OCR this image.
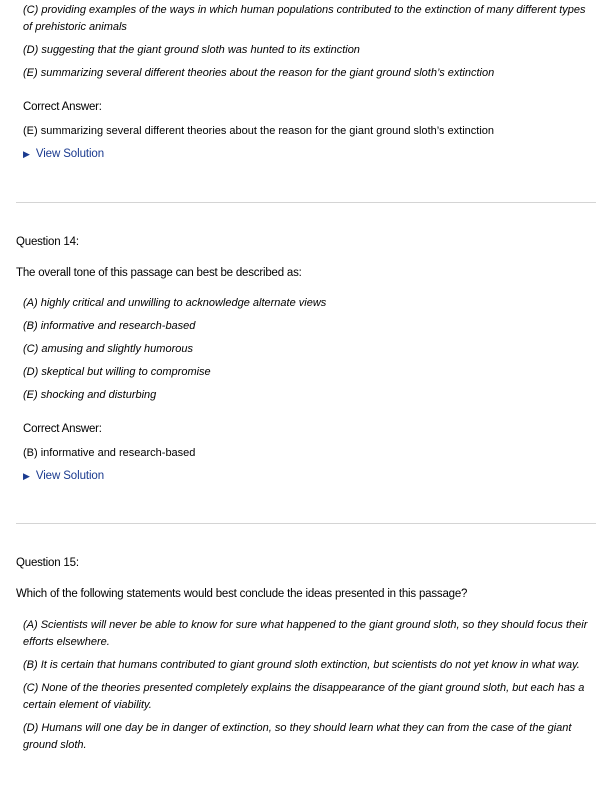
(C) providing examples of the ways in which human populations contributed to the extinction of many different types of prehistoric animals

(D) suggesting that the giant ground sloth was hunted to its extinction

(E) summarizing several different theories about the reason for the giant ground sloth’s extinction

Correct Answer:
(E) summarizing several different theories about the reason for the giant ground sloth’s extinction
▶ View Solution
Question 14:
The overall tone of this passage can best be described as:

(A) highly critical and unwilling to acknowledge alternate views

(B) informative and research-based

(C) amusing and slightly humorous

(D) skeptical but willing to compromise

(E) shocking and disturbing

Correct Answer:
(B) informative and research-based
▶ View Solution
Question 15:
Which of the following statements would best conclude the ideas presented in this passage?

(A) Scientists will never be able to know for sure what happened to the giant ground sloth, so they should focus their efforts elsewhere.

(B) It is certain that humans contributed to giant ground sloth extinction, but scientists do not yet know in what way.

(C) None of the theories presented completely explains the disappearance of the giant ground sloth, but each has a certain element of viability.

(D) Humans will one day be in danger of extinction, so they should learn what they can from the case of the giant ground sloth.
